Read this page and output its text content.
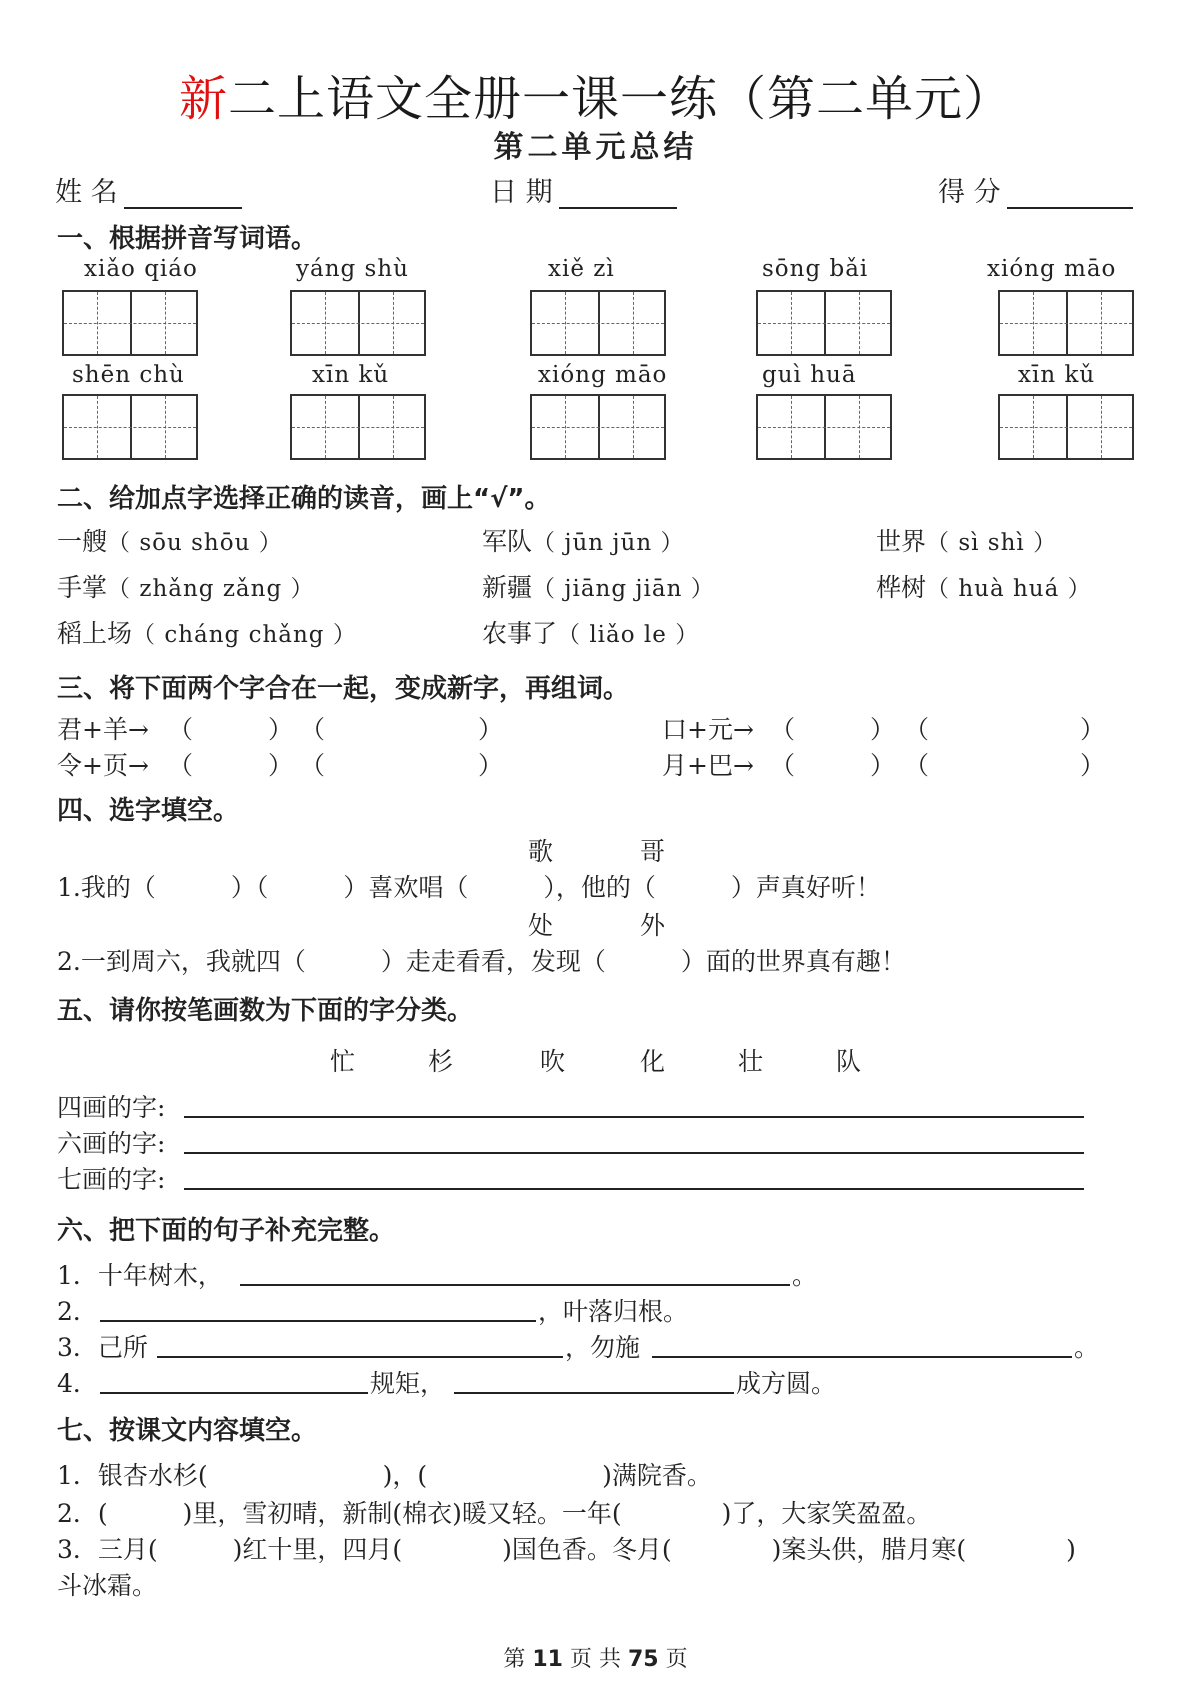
新二上语文全册一课一练（第二单元）
第二单元总结
姓 名	日 期	得 分
一、根据拼音写词语。
xiǎo qiáo	yáng shù	xiě zì	sōng bǎi	xióng māo
shēn chù	xīn kǔ	xióng māo	guì huā	xīn kǔ
二、给加点字选择正确的读音，画上“√”。
一艘（ sōu shōu ）	军队（ jūn jūn ）	世界（ sì shì ）
手掌（ zhǎng zǎng ）	新疆（ jiāng jiān ）	桦树（ huà huá ）
稻上场（ cháng chǎng ）	农事了（ liǎo le ）
三、将下面两个字合在一起，变成新字，再组词。
君+羊→ （	） （	）	口+元→ （	） （	）
令+页→ （	） （	）	月+巴→ （	） （	）
四、选字填空。
歌	哥
1.我的（　　　）（　　　）喜欢唱（　　　），他的（　　　）声真好听！
处	外
2.一到周六，我就四（　　　）走走看看，发现（　　　）面的世界真有趣！
五、请你按笔画数为下面的字分类。
忙	杉	吹	化	壮	队
四画的字:
六画的字:
七画的字:
六、把下面的句子补充完整。
1．十年树木，	。
2．	，叶落归根。
3．己所	，勿施	。
4．	规矩，	成方圆。
七、按课文内容填空。
1．银杏水杉(　　　　　　　)，(　　　　　　　)满院香。
2．(　　　)里，雪初晴，新制(棉衣)暖又轻。一年(　　　　)了，大家笑盈盈。
3．三月(　　　)红十里，四月(　　　　)国色香。冬月(　　　　)案头供，腊月寒(　　　　)
斗冰霜。
第 11 页 共 75 页
